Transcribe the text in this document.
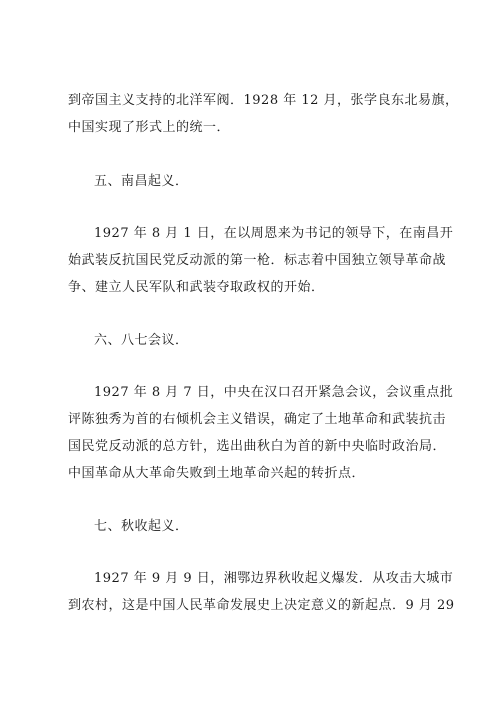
到帝国主义支持的北洋军阀．1928 年 12 月，张学良东北易旗，
中国实现了形式上的统一．
五、南昌起义．
1927 年 8 月 1 日，在以周恩来为书记的领导下，在南昌开
始武装反抗国民党反动派的第一枪．标志着中国独立领导革命战
争、建立人民军队和武装夺取政权的开始．
六、八七会议．
1927 年 8 月 7 日，中央在汉口召开紧急会议，会议重点批
评陈独秀为首的右倾机会主义错误，确定了土地革命和武装抗击
国民党反动派的总方针，选出曲秋白为首的新中央临时政治局．
中国革命从大革命失败到土地革命兴起的转折点．
七、秋收起义．
1927 年 9 月 9 日，湘鄂边界秋收起义爆发．从攻击大城市
到农村，这是中国人民革命发展史上决定意义的新起点．9 月 29
